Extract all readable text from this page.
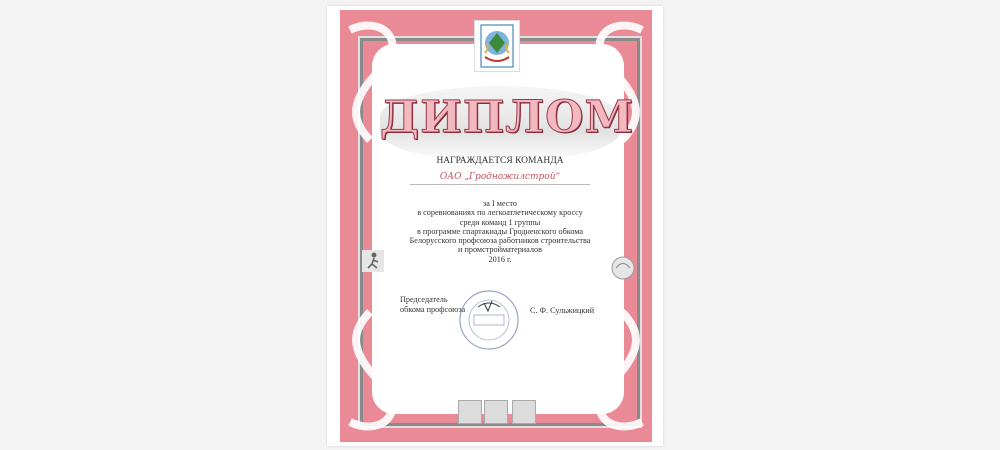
ДИПЛОМ
НАГРАЖДАЕТСЯ КОМАНДА
ОАО „Гродножилстрой“
за I место
в соревнованиях по легкоатлетическому кроссу
среди команд 1 группы
в программе спартакиады Гродненского обкома
Белорусского профсоюза работников строительства
и промстройматериалов
2016 г.
Председатель
обкома профсоюза	С. Ф. Сульжицкий
